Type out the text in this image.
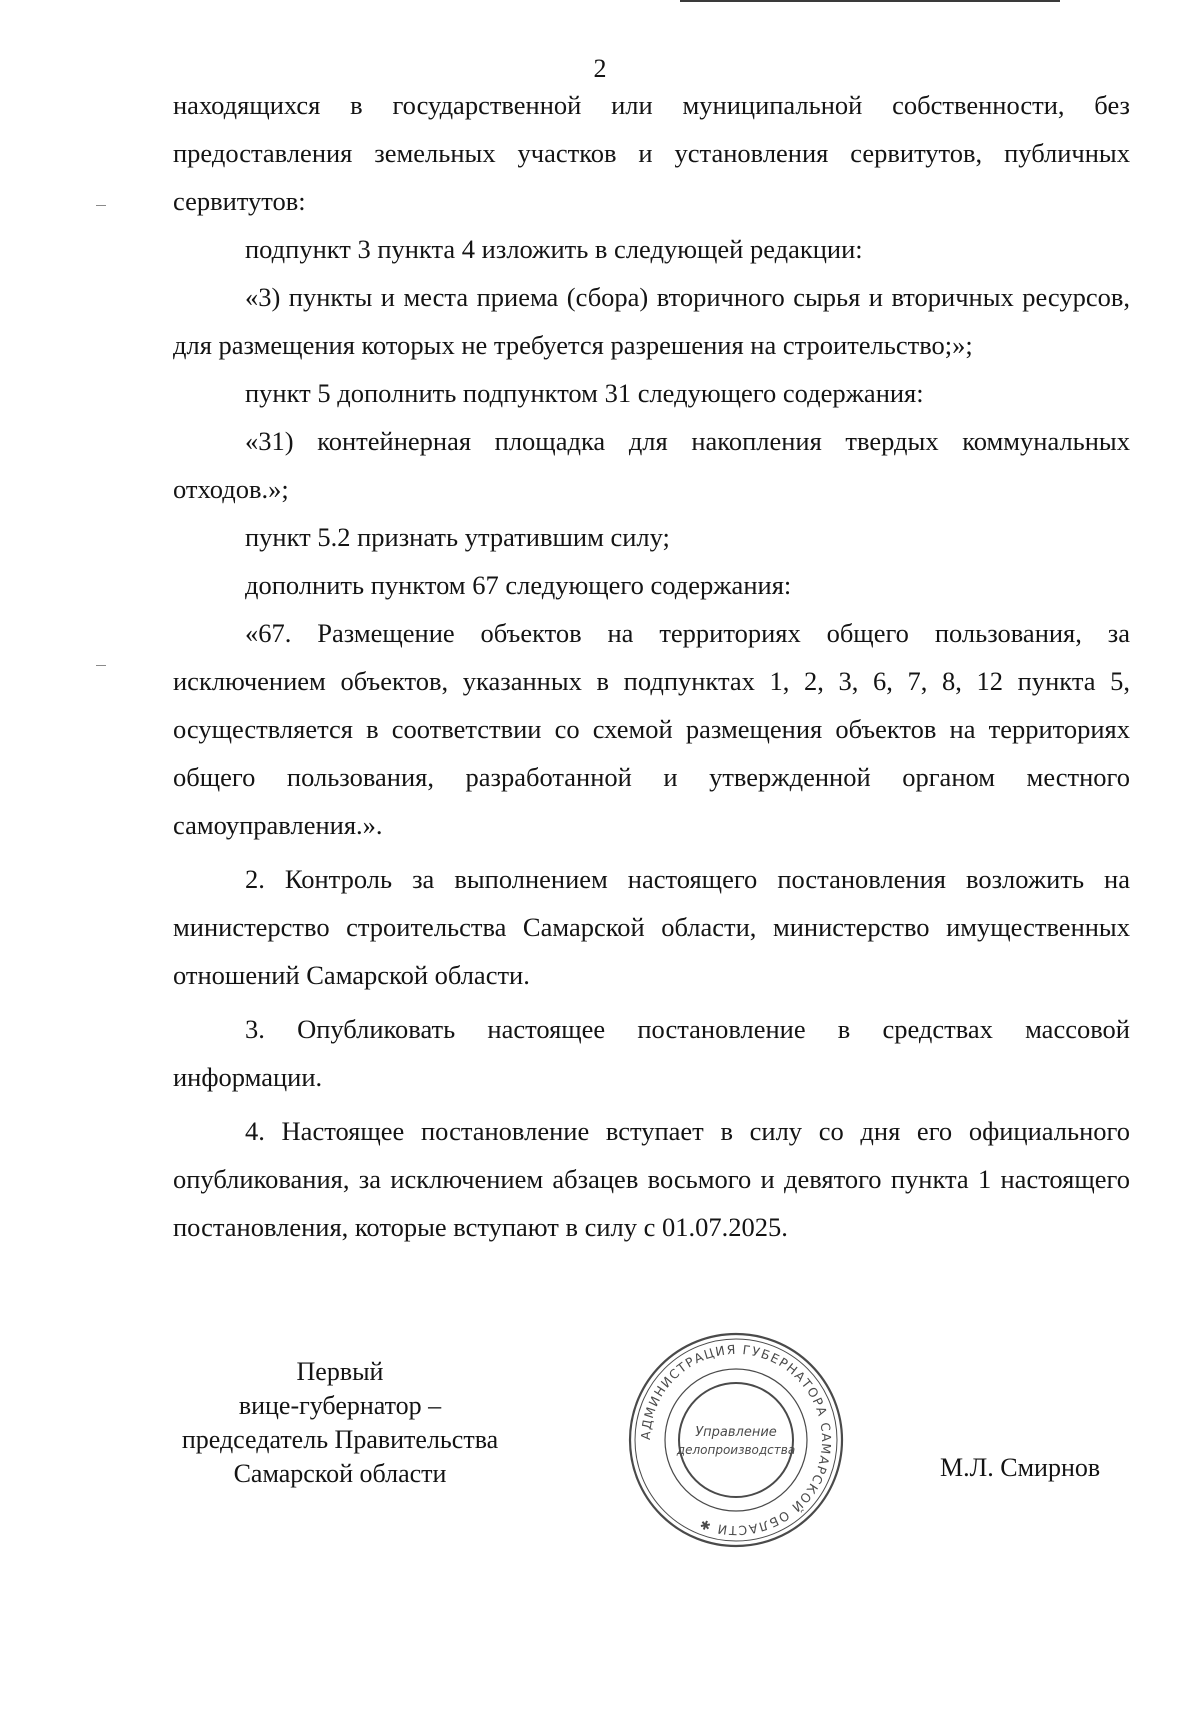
2

находящихся в государственной или муниципальной собственности, без предоставления земельных участков и установления сервитутов, публичных сервитутов:

подпункт 3 пункта 4 изложить в следующей редакции:

«3) пункты и места приема (сбора) вторичного сырья и вторичных ресурсов, для размещения которых не требуется разрешения на строительство;»;

пункт 5 дополнить подпунктом 31 следующего содержания:

«31) контейнерная площадка для накопления твердых коммунальных отходов.»;

пункт 5.2 признать утратившим силу;

дополнить пунктом 67 следующего содержания:

«67. Размещение объектов на территориях общего пользования, за исключением объектов, указанных в подпунктах 1, 2, 3, 6, 7, 8, 12 пункта 5, осуществляется в соответствии со схемой размещения объектов на территориях общего пользования, разработанной и утвержденной органом местного самоуправления.».

2. Контроль за выполнением настоящего постановления возложить на министерство строительства Самарской области, министерство имущественных отношений Самарской области.

3. Опубликовать настоящее постановление в средствах массовой информации.

4. Настоящее постановление вступает в силу со дня его официального опубликования, за исключением абзацев восьмого и девятого пункта 1 настоящего постановления, которые вступают в силу с 01.07.2025.

Первый
вице-губернатор –
председатель Правительства
Самарской области
АДМИНИСТРАЦИЯ ГУБЕРНАТОРА САМАРСКОЙ ОБЛАСТИ ✱
Управление
делопроизводства
М.Л. Смирнов
